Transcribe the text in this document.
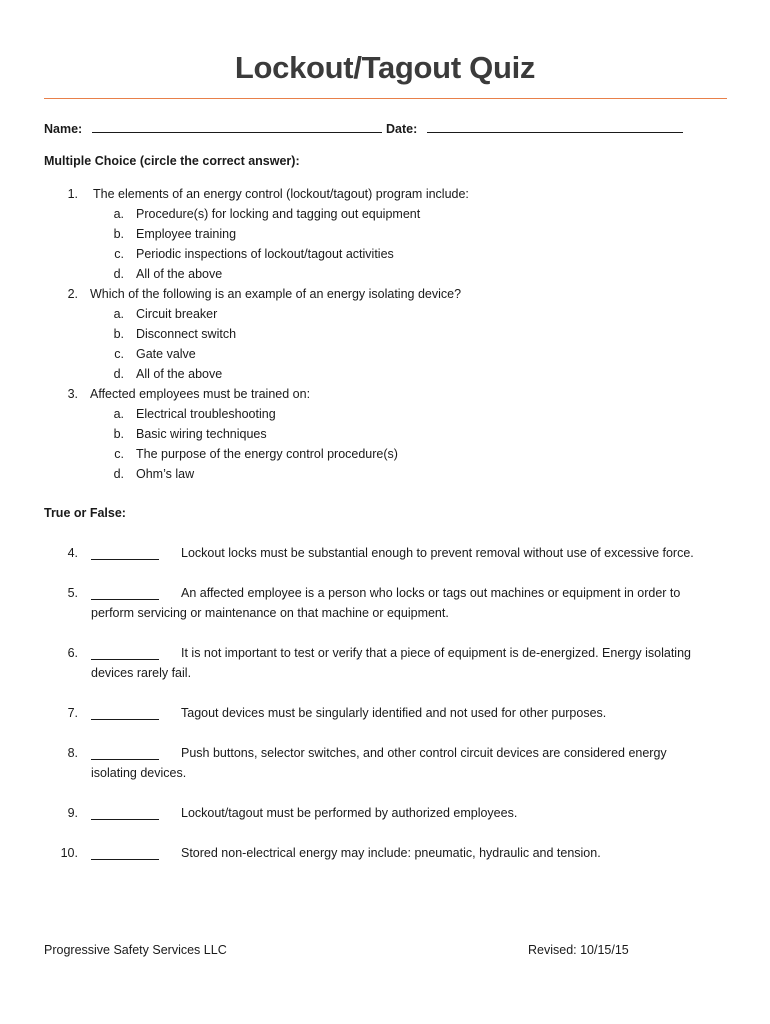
Lockout/Tagout Quiz
Name:	Date:
Multiple Choice (circle the correct answer):
1. The elements of an energy control (lockout/tagout) program include:
a. Procedure(s) for locking and tagging out equipment
b. Employee training
c. Periodic inspections of lockout/tagout activities
d. All of the above
2. Which of the following is an example of an energy isolating device?
a. Circuit breaker
b. Disconnect switch
c. Gate valve
d. All of the above
3. Affected employees must be trained on:
a. Electrical troubleshooting
b. Basic wiring techniques
c. The purpose of the energy control procedure(s)
d. Ohm’s law
True or False:
4.	Lockout locks must be substantial enough to prevent removal without use of excessive force.
5.	An affected employee is a person who locks or tags out machines or equipment in order to
perform servicing or maintenance on that machine or equipment.
6.	It is not important to test or verify that a piece of equipment is de-energized. Energy isolating
devices rarely fail.
7.	Tagout devices must be singularly identified and not used for other purposes.
8.	Push buttons, selector switches, and other control circuit devices are considered energy
isolating devices.
9.	Lockout/tagout must be performed by authorized employees.
10.	Stored non-electrical energy may include: pneumatic, hydraulic and tension.
Progressive Safety Services LLC	Revised: 10/15/15
